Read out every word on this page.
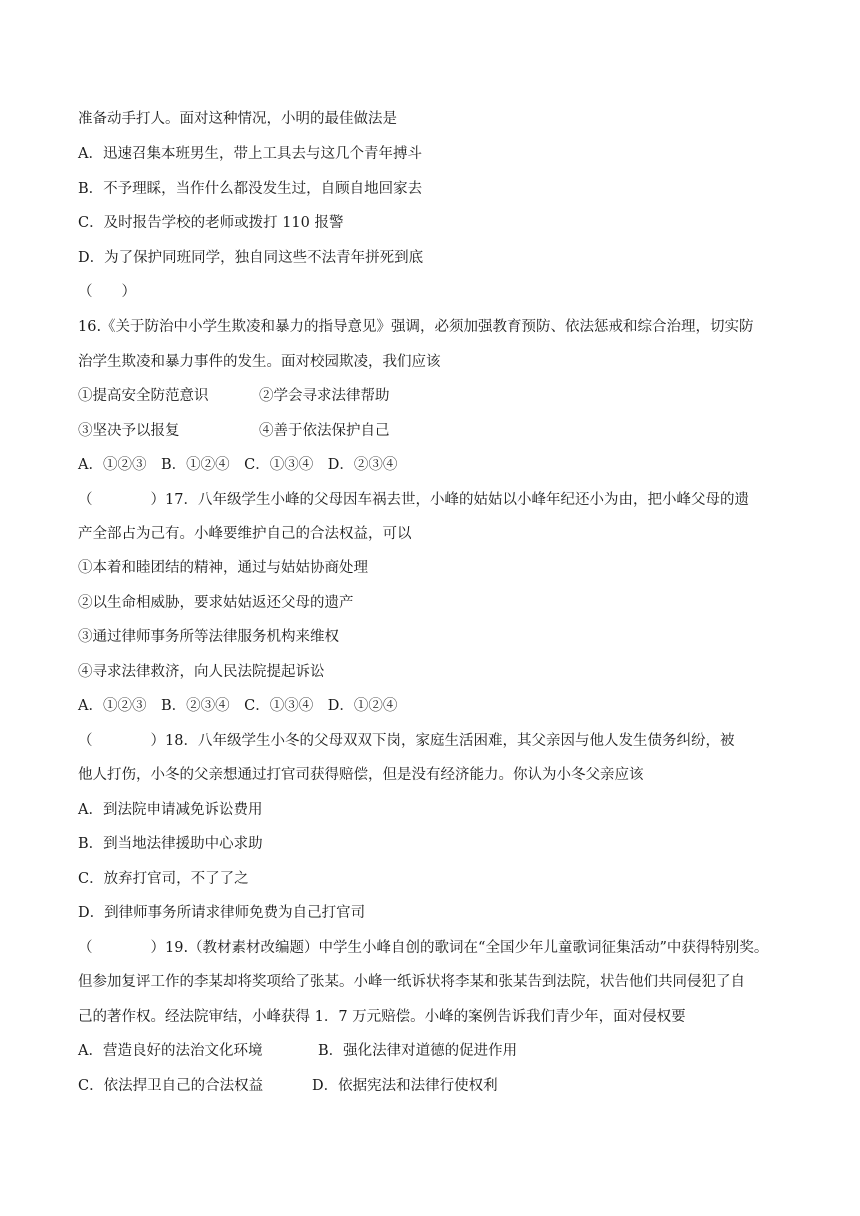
准备动手打人。面对这种情况，小明的最佳做法是
A．迅速召集本班男生，带上工具去与这几个青年搏斗
B．不予理睬，当作什么都没发生过，自顾自地回家去
C．及时报告学校的老师或拨打 110 报警
D．为了保护同班同学，独自同这些不法青年拼死到底
（　　）
16.《关于防治中小学生欺凌和暴力的指导意见》强调，必须加强教育预防、依法惩戒和综合治理，切实防
治学生欺凌和暴力事件的发生。面对校园欺凌，我们应该
①提高安全防范意识	②学会寻求法律帮助
③坚决予以报复	④善于依法保护自己
A．①②③　B．①②④　C．①③④　D．②③④
（　　　　）17．八年级学生小峰的父母因车祸去世，小峰的姑姑以小峰年纪还小为由，把小峰父母的遗
产全部占为己有。小峰要维护自己的合法权益，可以
①本着和睦团结的精神，通过与姑姑协商处理
②以生命相威胁，要求姑姑返还父母的遗产
③通过律师事务所等法律服务机构来维权
④寻求法律救济，向人民法院提起诉讼
A．①②③　B．②③④　C．①③④　D．①②④
（　　　　）18．八年级学生小冬的父母双双下岗，家庭生活困难，其父亲因与他人发生债务纠纷，被
他人打伤，小冬的父亲想通过打官司获得赔偿，但是没有经济能力。你认为小冬父亲应该
A．到法院申请减免诉讼费用
B．到当地法律援助中心求助
C．放弃打官司，不了了之
D．到律师事务所请求律师免费为自己打官司
（　　　　）19.（教材素材改编题）中学生小峰自创的歌词在“全国少年儿童歌词征集活动”中获得特别奖。
但参加复评工作的李某却将奖项给了张某。小峰一纸诉状将李某和张某告到法院，状告他们共同侵犯了自
己的著作权。经法院审结，小峰获得 1．7 万元赔偿。小峰的案例告诉我们青少年，面对侵权要
A．营造良好的法治文化环境	B．强化法律对道德的促进作用
C．依法捍卫自己的合法权益	D．依据宪法和法律行使权利
